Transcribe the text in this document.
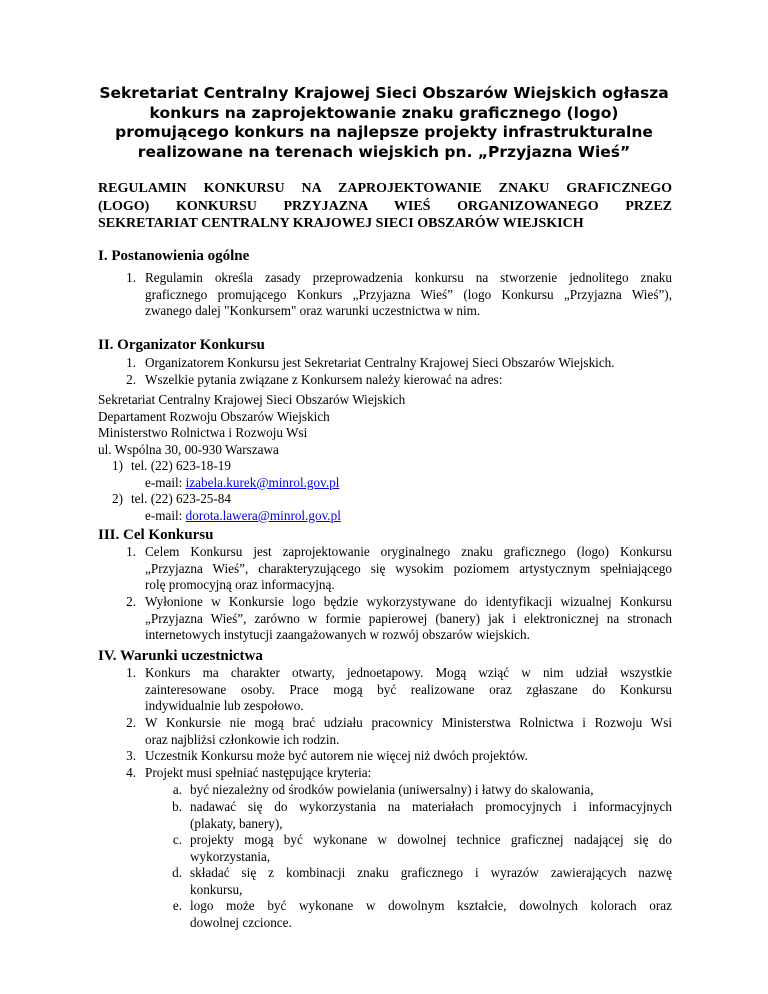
Sekretariat Centralny Krajowej Sieci Obszarów Wiejskich ogłasza
konkurs na zaprojektowanie znaku graficznego (logo)
promującego konkurs na najlepsze projekty infrastrukturalne
realizowane na terenach wiejskich pn. „Przyjazna Wieś”
REGULAMIN KONKURSU NA ZAPROJEKTOWANIE ZNAKU GRAFICZNEGO
(LOGO) KONKURSU PRZYJAZNA WIEŚ ORGANIZOWANEGO PRZEZ
SEKRETARIAT CENTRALNY KRAJOWEJ SIECI OBSZARÓW WIEJSKICH
I. Postanowienia ogólne
1. Regulamin określa zasady przeprowadzenia konkursu na stworzenie jednolitego znaku
graficznego promującego Konkurs „Przyjazna Wieś” (logo Konkursu „Przyjazna Wieś”),
zwanego dalej "Konkursem" oraz warunki uczestnictwa w nim.
II. Organizator Konkursu
1. Organizatorem Konkursu jest Sekretariat Centralny Krajowej Sieci Obszarów Wiejskich.
2. Wszelkie pytania związane z Konkursem należy kierować na adres:
Sekretariat Centralny Krajowej Sieci Obszarów Wiejskich
Departament Rozwoju Obszarów Wiejskich
Ministerstwo Rolnictwa i Rozwoju Wsi
ul. Wspólna 30, 00-930 Warszawa
1) tel. (22) 623-18-19
e-mail: izabela.kurek@minrol.gov.pl
2) tel. (22) 623-25-84
e-mail: dorota.lawera@minrol.gov.pl
III. Cel Konkursu
1. Celem Konkursu jest zaprojektowanie oryginalnego znaku graficznego (logo) Konkursu
„Przyjazna Wieś”, charakteryzującego się wysokim poziomem artystycznym spełniającego
rolę promocyjną oraz informacyjną.
2. Wyłonione w Konkursie logo będzie wykorzystywane do identyfikacji wizualnej Konkursu
„Przyjazna Wieś”, zarówno w formie papierowej (banery) jak i elektronicznej na stronach
internetowych instytucji zaangażowanych w rozwój obszarów wiejskich.
IV. Warunki uczestnictwa
1. Konkurs ma charakter otwarty, jednoetapowy. Mogą wziąć w nim udział wszystkie
zainteresowane osoby. Prace mogą być realizowane oraz zgłaszane do Konkursu
indywidualnie lub zespołowo.
2. W Konkursie nie mogą brać udziału pracownicy Ministerstwa Rolnictwa i Rozwoju Wsi
oraz najbliżsi członkowie ich rodzin.
3. Uczestnik Konkursu może być autorem nie więcej niż dwóch projektów.
4. Projekt musi spełniać następujące kryteria:
a. być niezależny od środków powielania (uniwersalny) i łatwy do skalowania,
b. nadawać się do wykorzystania na materiałach promocyjnych i informacyjnych
(plakaty, banery),
c. projekty mogą być wykonane w dowolnej technice graficznej nadającej się do
wykorzystania,
d. składać się z kombinacji znaku graficznego i wyrazów zawierających nazwę
konkursu,
e. logo może być wykonane w dowolnym kształcie, dowolnych kolorach oraz
dowolnej czcionce.
